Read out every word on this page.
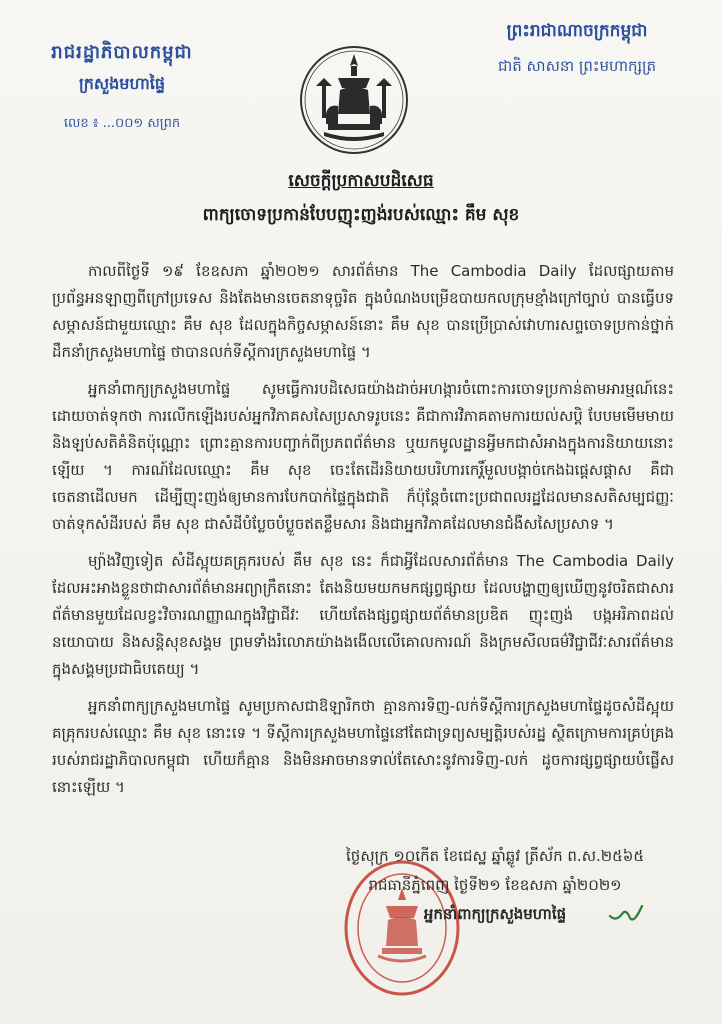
រាជរដ្ឋាភិបាលកម្ពុជា
ក្រសួងមហាផ្ទៃ
លេខ ៖ ...០០១ សព្រក
ព្រះរាជាណាចក្រកម្ពុជា
ជាតិ សាសនា ព្រះមហាក្សត្រ
សេចក្ដីប្រកាសបដិសេធ
ពាក្យចោទប្រកាន់បែបញុះញង់របស់ឈ្មោះ គឹម សុខ

កាលពីថ្ងៃទី ១៩ ខែឧសភា ឆ្នាំ២០២១ សារព័ត៌មាន The Cambodia Daily ដែលផ្សាយតាមប្រព័ន្ធអនឡាញពីក្រៅប្រទេស និងតែងមានចេតនាទុច្ចរិត ក្នុងបំណងបម្រើឧបាយកលក្រុមខ្មាំងក្រៅច្បាប់ បានធ្វើបទសម្ភាសន៍ជាមួយឈ្មោះ គឹម សុខ ដែលក្នុងកិច្ចសម្ភាសន៍នោះ គឹម សុខ បានប្រើប្រាស់វោហារសព្ទចោទប្រកាន់ថ្នាក់ដឹកនាំក្រសួងមហាផ្ទៃ ថាបានលក់ទីស្ដីការក្រសួងមហាផ្ទៃ ។

អ្នកនាំពាក្យក្រសួងមហាផ្ទៃ សូមធ្វើការបដិសេធយ៉ាងដាច់អហង្ការចំពោះការចោទប្រកាន់តាមអារម្មណ៍នេះ ដោយចាត់ទុកថា ការលើកឡើងរបស់អ្នកវិភាគសសៃប្រសាទរូបនេះ គឺជាការវិភាគតាមការយល់សប្ដិ បែបមមើមមាយ និងឡប់សតិគំនិតប៉ុណ្ណោះ ព្រោះគ្មានការបញ្ជាក់ពីប្រភពព័ត៌មាន ឬយកមូលដ្ឋានអ្វីមកជាសំអាងក្នុងការនិយាយនោះឡើយ ។ ការណ៍ដែលឈ្មោះ គឹម សុខ ចេះតែដើរនិយាយបរិហារកេរ្ដិ៍មួលបង្កាច់កេងឯផ្ដេសផ្ដាស គឺជាចេតនាដើលមក ដើម្បីញុះញង់ឲ្យមានការបែកបាក់ផ្ទៃក្នុងជាតិ ក៏ប៉ុន្ដែចំពោះប្រជាពលរដ្ឋដែលមានសតិសម្បជញ្ញៈ ចាត់ទុកសំដីរបស់ គឹម សុខ ជាសំដីបំប្លែចបំប្លួចឥតខ្លឹមសារ និងជាអ្នកវិភាគដែលមានជំងឺសសៃប្រសាទ ។

ម្យ៉ាងវិញទៀត សំដីស្អុយគគ្រុករបស់ គឹម សុខ នេះ ក៏ជាអ្វីដែលសារព័ត៌មាន The Cambodia Daily ដែលអះអាងខ្លួនថាជាសារព័ត៌មានអព្យាក្រឹតនោះ តែងនិយមយកមកផ្សព្វផ្សាយ ដែលបង្ហាញឲ្យឃើញនូវចរិតជាសារព័ត៌មានមួយដែលខ្វះវិចារណញ្ញាណក្នុងវិជ្ជាជីវៈ ហើយតែងផ្សព្វផ្សាយព័ត៌មានប្រឌិត ញុះញង់ បង្កអរិភាពដល់នយោបាយ និងសន្ដិសុខសង្គម ព្រមទាំងរំលោភយ៉ាងងងើលលើគោលការណ៍ និងក្រមសីលធម៌វិជ្ជាជីវៈសារព័ត៌មាន ក្នុងសង្គមប្រជាធិបតេយ្យ ។

អ្នកនាំពាក្យក្រសួងមហាផ្ទៃ សូមប្រកាសជាឱឡារិកថា គ្មានការទិញ-លក់ទីស្ដីការក្រសួងមហាផ្ទៃដូចសំដីស្អុយគគ្រុករបស់ឈ្មោះ គឹម សុខ នោះទេ ។ ទីស្ដីការក្រសួងមហាផ្ទៃនៅតែជាទ្រព្យសម្បត្តិរបស់រដ្ឋ ស្ថិតក្រោមការគ្រប់គ្រងរបស់រាជរដ្ឋាភិបាលកម្ពុជា ហើយក៏គ្មាន និងមិនអាចមានទាល់តែសោះនូវការទិញ-លក់ ដូចការផ្សព្វផ្សាយបំផ្លើសនោះឡើយ ។

ថ្ងៃសុក្រ ១០កើត ខែជេស្ឋ ឆ្នាំឆ្លូវ ត្រីស័ក ព.ស.២៥៦៥
រាជធានីភ្នំពេញ ថ្ងៃទី២១ ខែឧសភា ឆ្នាំ២០២១
អ្នកនាំពាក្យក្រសួងមហាផ្ទៃ
